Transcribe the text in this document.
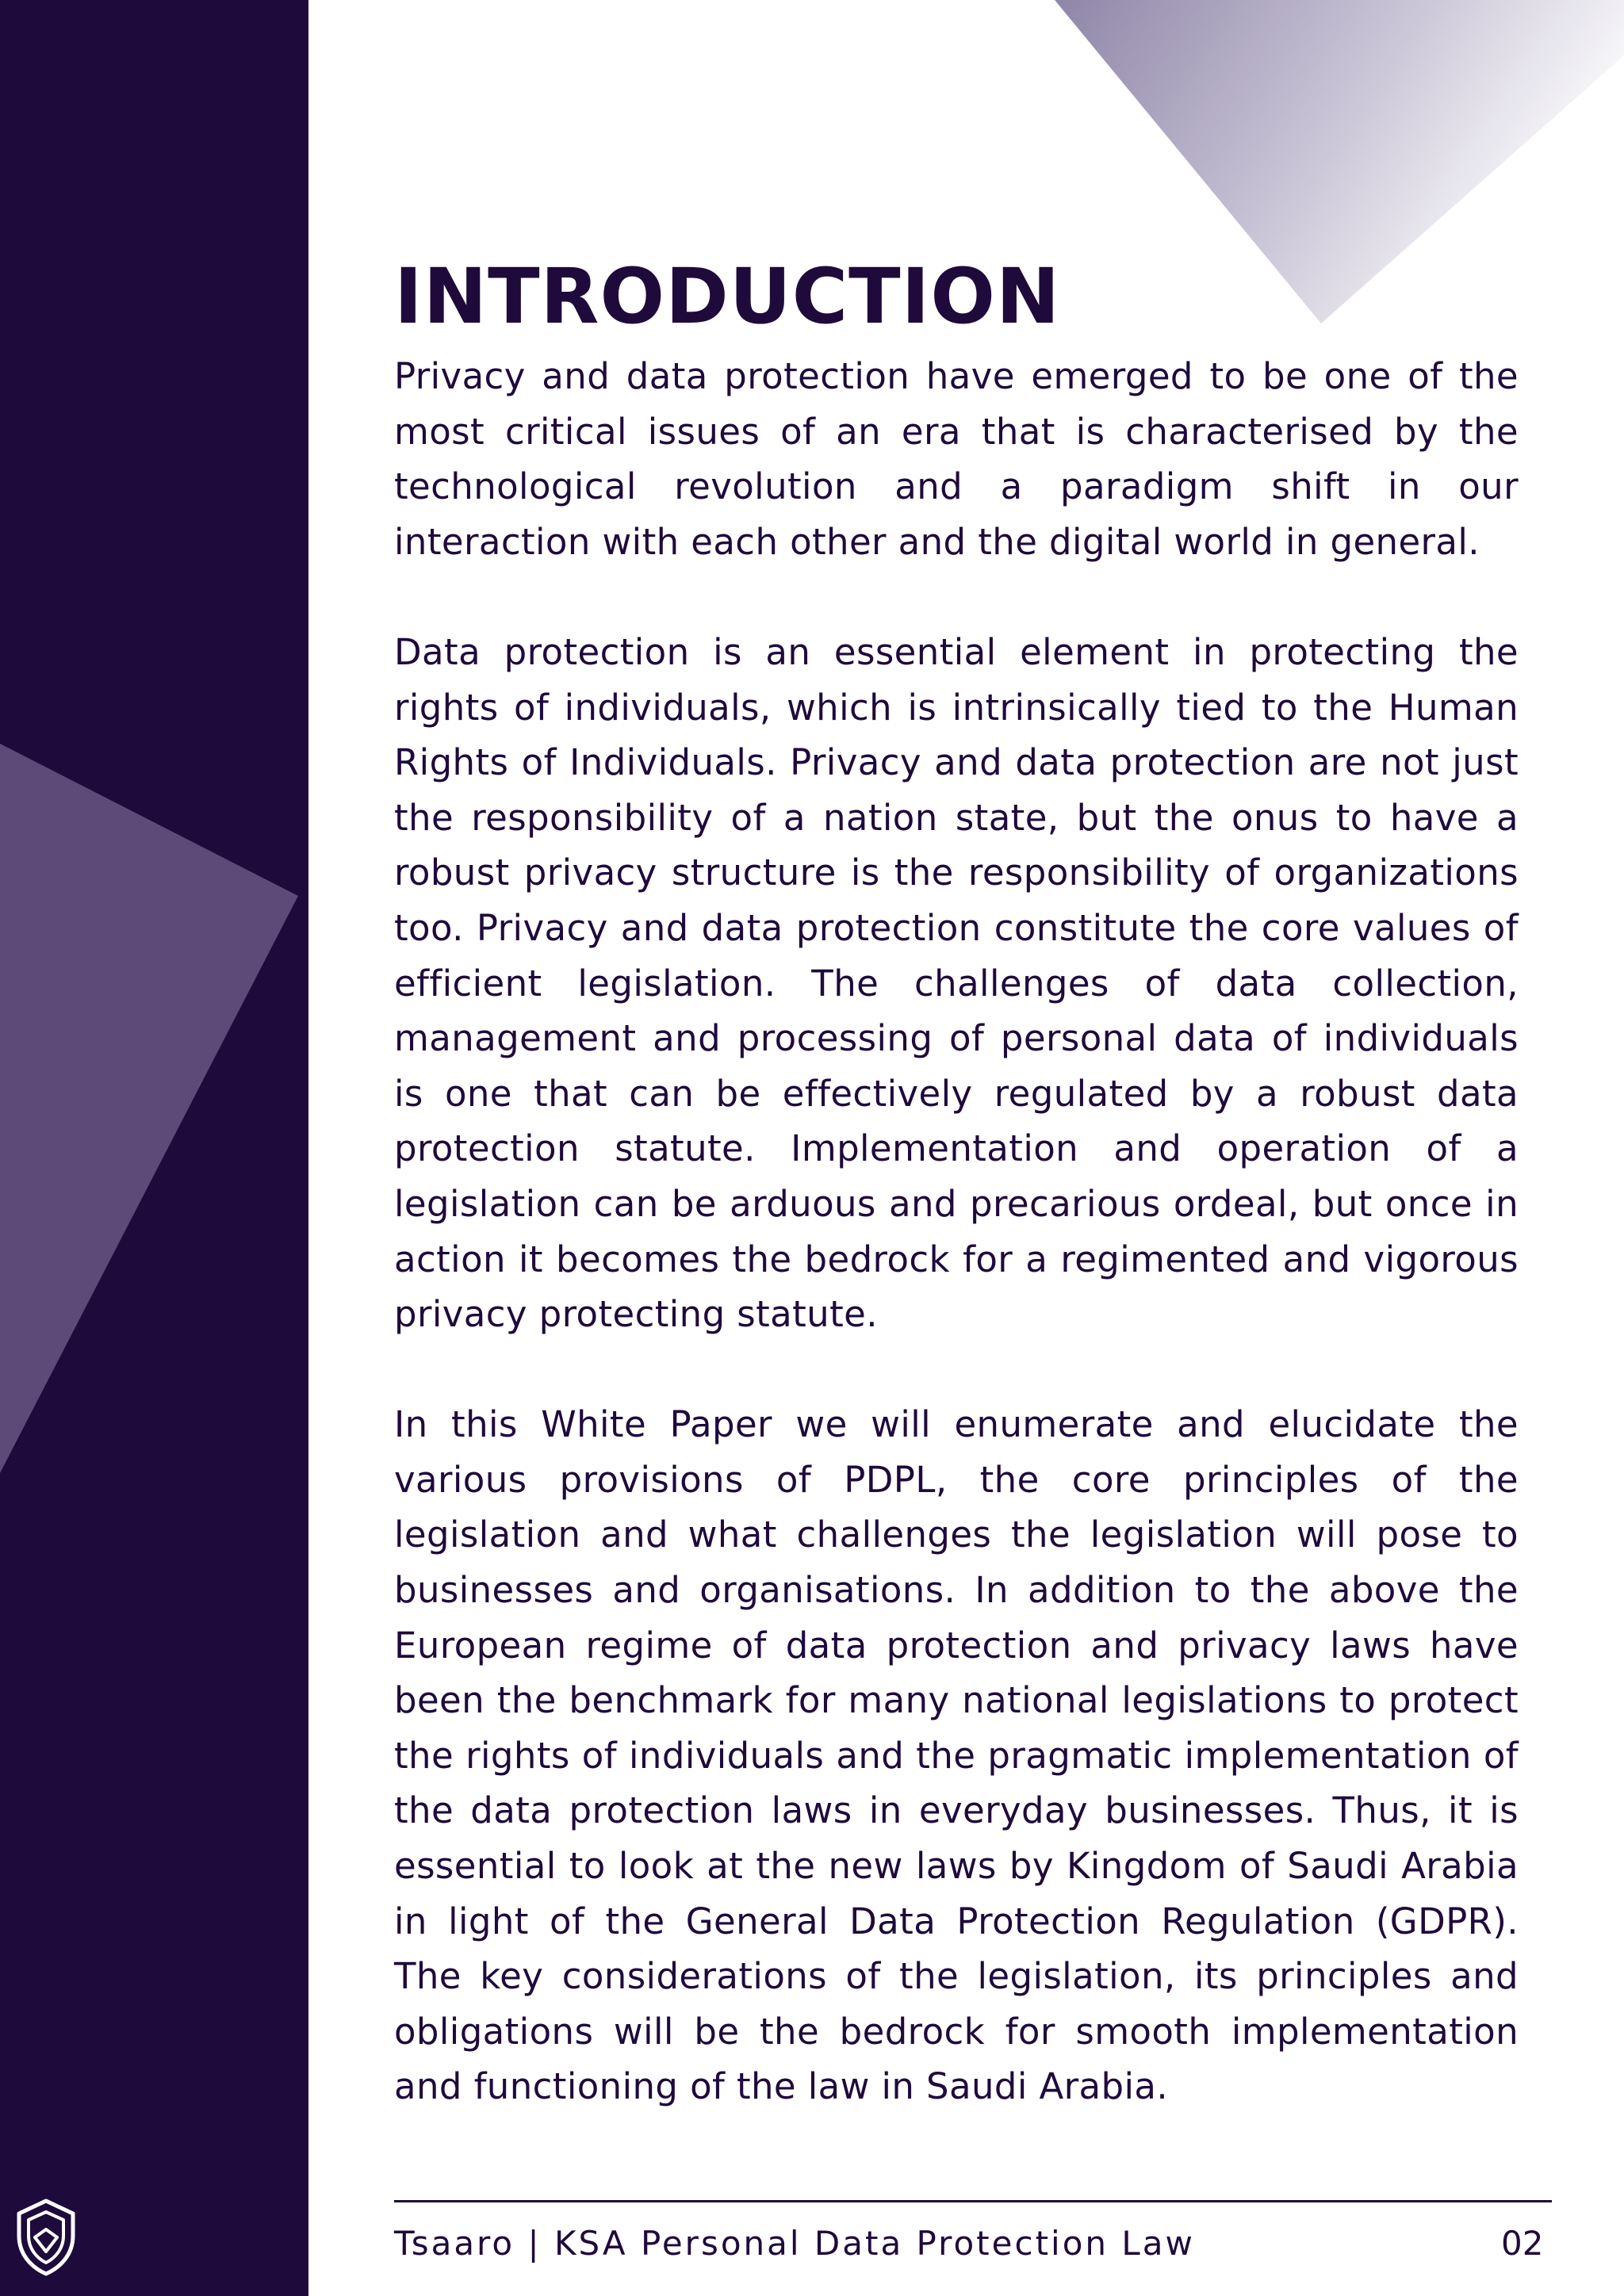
INTRODUCTION

Privacy and data protection have emerged to be one of the most critical issues of an era that is characterised by the technological revolution and a paradigm shift in our interaction with each other and the digital world in general.

Data protection is an essential element in protecting the rights of individuals, which is intrinsically tied to the Human Rights of Individuals. Privacy and data protection are not just the responsibility of a nation state, but the onus to have a robust privacy structure is the responsibility of organizations too. Privacy and data protection constitute the core values of efficient legislation. The challenges of data collection, management and processing of personal data of individuals is one that can be effectively regulated by a robust data protection statute. Implementation and operation of a legislation can be arduous and precarious ordeal, but once in action it becomes the bedrock for a regimented and vigorous privacy protecting statute.

In this White Paper we will enumerate and elucidate the various provisions of PDPL, the core principles of the legislation and what challenges the legislation will pose to businesses and organisations. In addition to the above the European regime of data protection and privacy laws have been the benchmark for many national legislations to protect the rights of individuals and the pragmatic implementation of the data protection laws in everyday businesses. Thus, it is essential to look at the new laws by Kingdom of Saudi Arabia in light of the General Data Protection Regulation (GDPR). The key considerations of the legislation, its principles and obligations will be the bedrock for smooth implementation and functioning of the law in Saudi Arabia.

Tsaaro | KSA Personal Data Protection Law	02
